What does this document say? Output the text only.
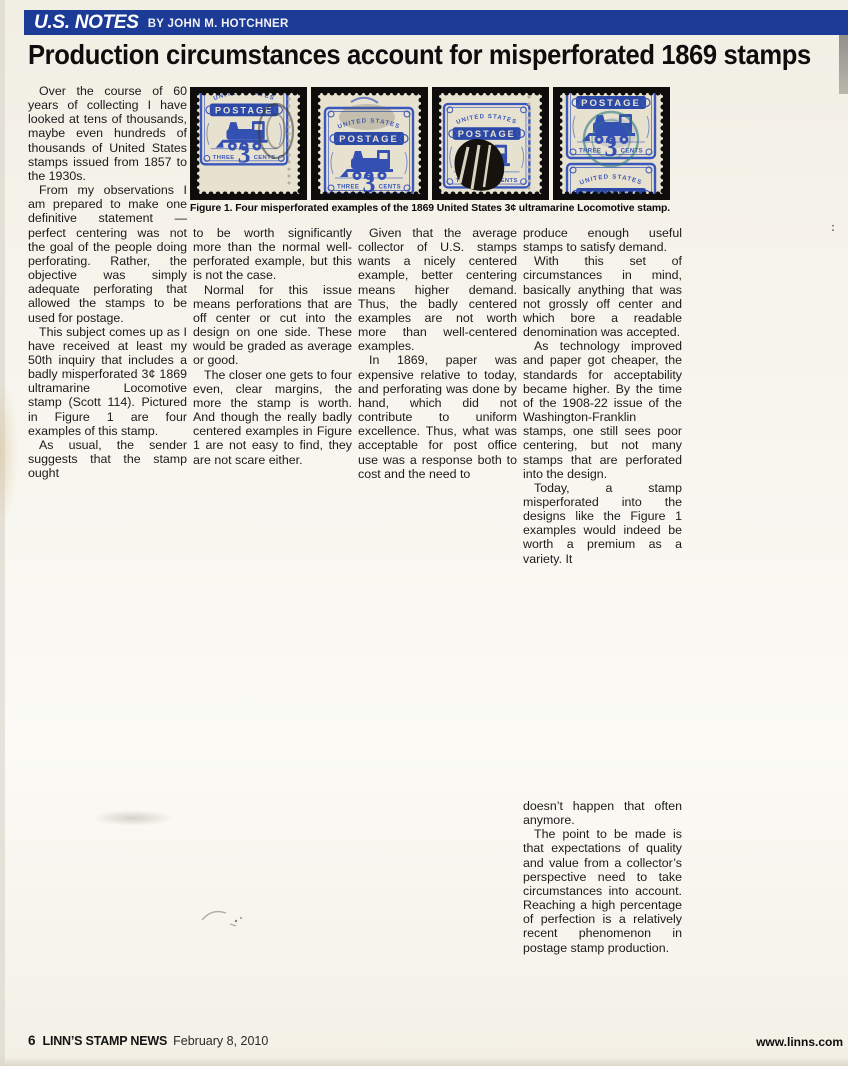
:
U.S. NOTES BY JOHN M. HOTCHNER
Production circumstances account for misperforated 1869 stamps
Figure 1. Four misperforated examples of the 1869 United States 3¢ ultramarine Locomotive stamp.

Over the course of 60 years of collecting I have looked at tens of thousands, maybe even hundreds of thousands of United States stamps issued from 1857 to the 1930s.

From my observations I am prepared to make one definitive statement — perfect centering was not the goal of the people doing perforating. Rather, the objective was simply adequate perforating that allowed the stamps to be used for postage.

This subject comes up as I have received at least my 50th inquiry that includes a badly misperforated 3¢ 1869 ultramarine Locomotive stamp (Scott 114). Pictured in Figure 1 are four examples of this stamp.

As usual, the sender suggests that the stamp ought

to be worth significantly more than the normal well-perforated example, but this is not the case.

Normal for this issue means perforations that are off center or cut into the design on one side. These would be graded as average or good.

The closer one gets to four even, clear margins, the more the stamp is worth. And though the really badly centered examples in Figure 1 are not easy to find, they are not scare either.

Given that the average collector of U.S. stamps wants a nicely centered example, better centering means higher demand. Thus, the badly centered examples are not worth more than well-centered examples.

In 1869, paper was expensive relative to today, and perforating was done by hand, which did not contribute to uniform excellence. Thus, what was acceptable for post office use was a response both to cost and the need to

produce enough useful stamps to satisfy demand.

With this set of circumstances in mind, basically anything that was not grossly off center and which bore a readable denomination was accepted.

As technology improved and paper got cheaper, the standards for acceptability became higher. By the time of the 1908-22 issue of the Washington-Franklin stamps, one still sees poor centering, but not many stamps that are perforated into the design.

Today, a stamp misperforated into the designs like the Figure 1 examples would indeed be worth a premium as a variety. It

doesn’t happen that often anymore.

The point to be made is that expectations of quality and value from a collector’s perspective need to take circumstances into account. Reaching a high percentage of perfection is a relatively recent phenomenon in postage stamp production.

6 LINN’S STAMP NEWS February 8, 2010	www.linns.com
